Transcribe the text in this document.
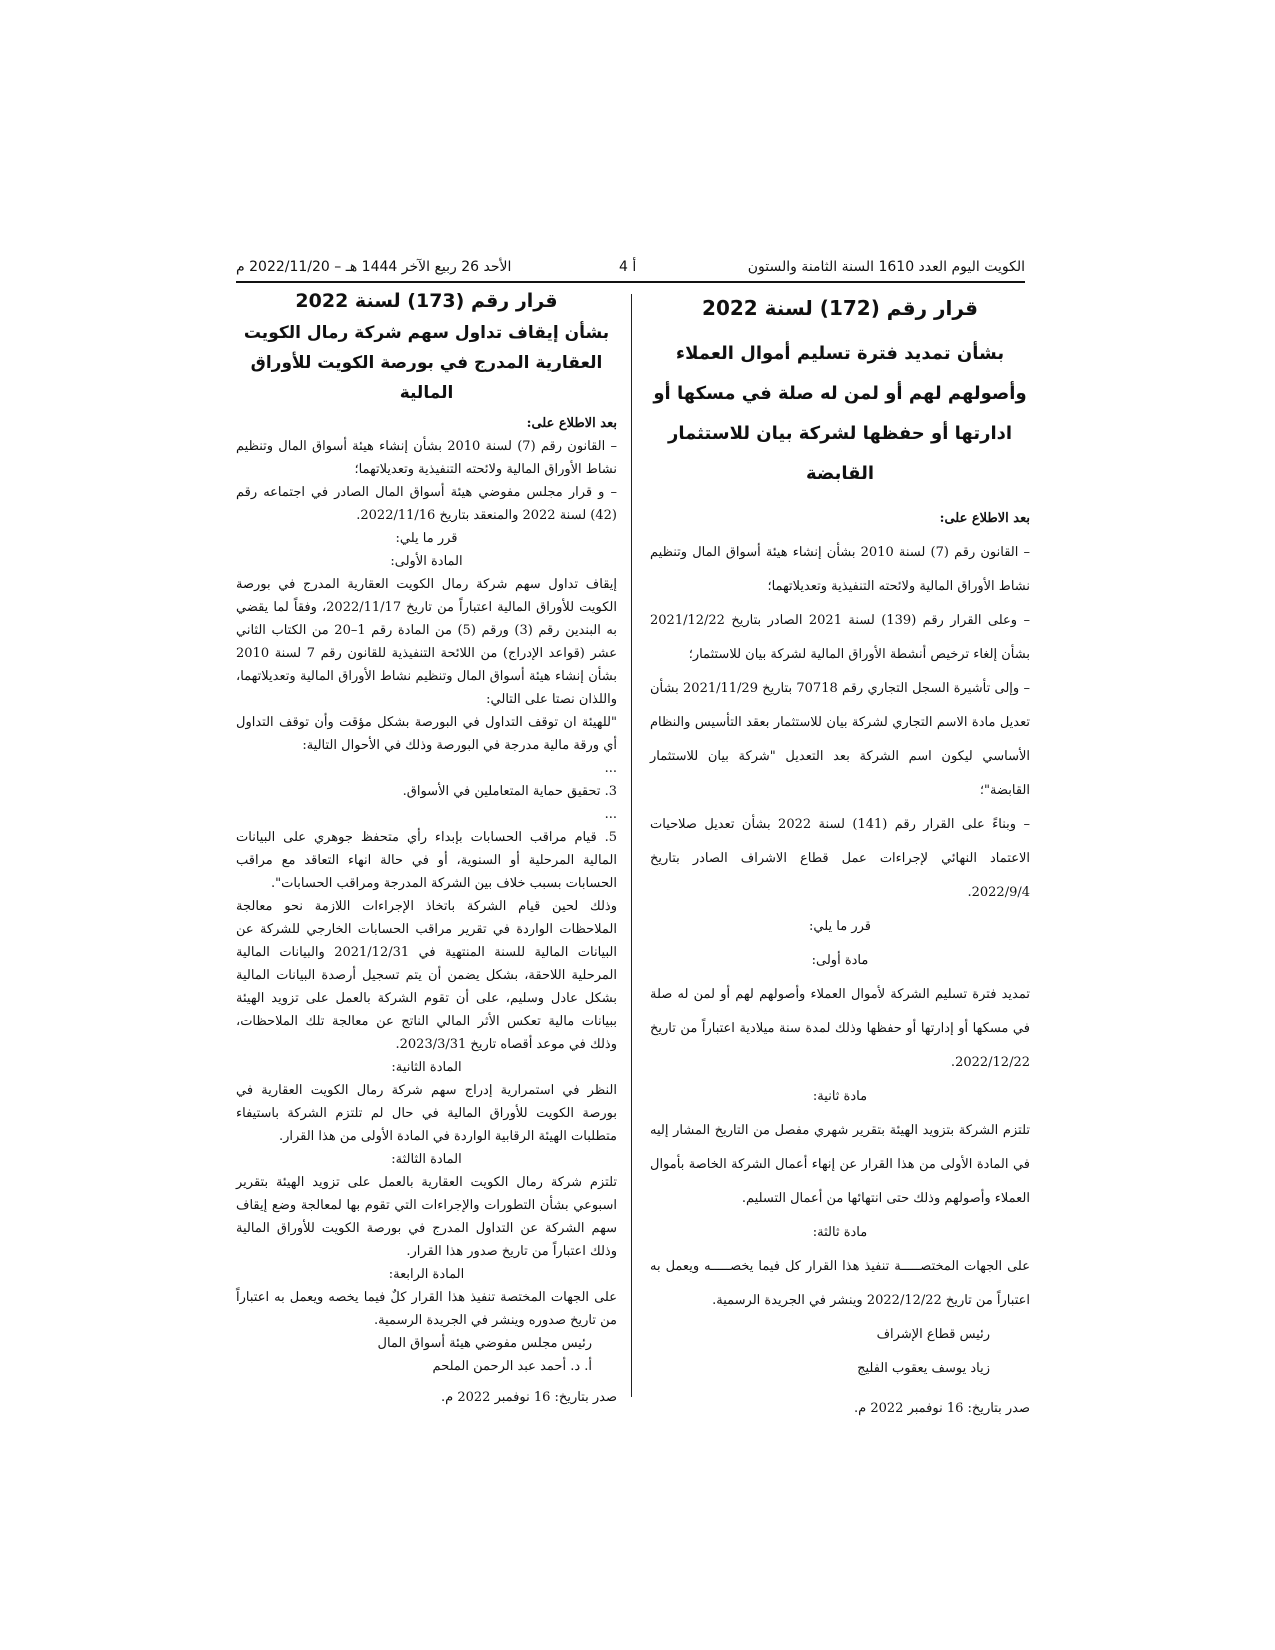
الكويت اليوم العدد 1610 السنة الثامنة والستون
أ 4
الأحد 26 ربيع الآخر 1444 هـ – 2022/11/20 م
قرار رقم (172) لسنة 2022
بشأن تمديد فترة تسليم أموال العملاء وأصولهم لهم أو لمن له صلة في مسكها أو ادارتها أو حفظها لشركة بيان للاستثمار القابضة

بعد الاطلاع على:

– القانون رقم (7) لسنة 2010 بشأن إنشاء هيئة أسواق المال وتنظيم نشاط الأوراق المالية ولائحته التنفيذية وتعديلاتهما؛

– وعلى القرار رقم (139) لسنة 2021 الصادر بتاريخ 2021/12/22 بشأن إلغاء ترخيص أنشطة الأوراق المالية لشركة بيان للاستثمار؛

– وإلى تأشيرة السجل التجاري رقم 70718 بتاريخ 2021/11/29 بشأن تعديل مادة الاسم التجاري لشركة بيان للاستثمار بعقد التأسيس والنظام الأساسي ليكون اسم الشركة بعد التعديل "شركة بيان للاستثمار القابضة"؛

– وبناءً على القرار رقم (141) لسنة 2022 بشأن تعديل صلاحيات الاعتماد النهائي لإجراءات عمل قطاع الاشراف الصادر بتاريخ 2022/9/4.

قرر ما يلي:

مادة أولى:

تمديد فترة تسليم الشركة لأموال العملاء وأصولهم لهم أو لمن له صلة في مسكها أو إدارتها أو حفظها وذلك لمدة سنة ميلادية اعتباراً من تاريخ 2022/12/22.

مادة ثانية:

تلتزم الشركة بتزويد الهيئة بتقرير شهري مفصل من التاريخ المشار إليه في المادة الأولى من هذا القرار عن إنهاء أعمال الشركة الخاصة بأموال العملاء وأصولهم وذلك حتى انتهائها من أعمال التسليم.

مادة ثالثة:

على الجهات المختصـــــة تنفيذ هذا القرار كل فيما يخصـــــه ويعمل به اعتباراً من تاريخ 2022/12/22 وينشر في الجريدة الرسمية.

رئيس قطاع الإشراف

زياد يوسف يعقوب الفليج

صدر بتاريخ: 16 نوفمبر 2022 م.

قرار رقم (173) لسنة 2022
بشأن إيقاف تداول سهم شركة رمال الكويت العقارية المدرج في بورصة الكويت للأوراق المالية

بعد الاطلاع على:

– القانون رقم (7) لسنة 2010 بشأن إنشاء هيئة أسواق المال وتنظيم نشاط الأوراق المالية ولائحته التنفيذية وتعديلاتهما؛

– و قرار مجلس مفوضي هيئة أسواق المال الصادر في اجتماعه رقم (42) لسنة 2022 والمنعقد بتاريخ 2022/11/16.

قرر ما يلي:

المادة الأولى:

إيقاف تداول سهم شركة رمال الكويت العقارية المدرج في بورصة الكويت للأوراق المالية اعتباراً من تاريخ 2022/11/17، وفقاً لما يقضي به البندين رقم (3) ورقم (5) من المادة رقم 1–20 من الكتاب الثاني عشر (قواعد الإدراج) من اللائحة التنفيذية للقانون رقم 7 لسنة 2010 بشأن إنشاء هيئة أسواق المال وتنظيم نشاط الأوراق المالية وتعديلاتهما، واللذان نصتا على التالي:

"للهيئة ان توقف التداول في البورصة بشكل مؤقت وأن توقف التداول أي ورقة مالية مدرجة في البورصة وذلك في الأحوال التالية:

...

3. تحقيق حماية المتعاملين في الأسواق.

...

5. قيام مراقب الحسابات بإبداء رأي متحفظ جوهري على البيانات المالية المرحلية أو السنوية، أو في حالة انهاء التعاقد مع مراقب الحسابات بسبب خلاف بين الشركة المدرجة ومراقب الحسابات".

وذلك لحين قيام الشركة باتخاذ الإجراءات اللازمة نحو معالجة الملاحظات الواردة في تقرير مراقب الحسابات الخارجي للشركة عن البيانات المالية للسنة المنتهية في 2021/12/31 والبيانات المالية المرحلية اللاحقة، بشكل يضمن أن يتم تسجيل أرصدة البيانات المالية بشكل عادل وسليم، على أن تقوم الشركة بالعمل على تزويد الهيئة ببيانات مالية تعكس الأثر المالي الناتج عن معالجة تلك الملاحظات، وذلك في موعد أقصاه تاريخ 2023/3/31.

المادة الثانية:

النظر في استمرارية إدراج سهم شركة رمال الكويت العقارية في بورصة الكويت للأوراق المالية في حال لم تلتزم الشركة باستيفاء متطلبات الهيئة الرقابية الواردة في المادة الأولى من هذا القرار.

المادة الثالثة:

تلتزم شركة رمال الكويت العقارية بالعمل على تزويد الهيئة بتقرير اسبوعي بشأن التطورات والإجراءات التي تقوم بها لمعالجة وضع إيقاف سهم الشركة عن التداول المدرج في بورصة الكويت للأوراق المالية وذلك اعتباراً من تاريخ صدور هذا القرار.

المادة الرابعة:

على الجهات المختصة تنفيذ هذا القرار كلٌ فيما يخصه ويعمل به اعتباراً من تاريخ صدوره وينشر في الجريدة الرسمية.

رئيس مجلس مفوضي هيئة أسواق المال

أ. د. أحمد عبد الرحمن الملحم

صدر بتاريخ: 16 نوفمبر 2022 م.
